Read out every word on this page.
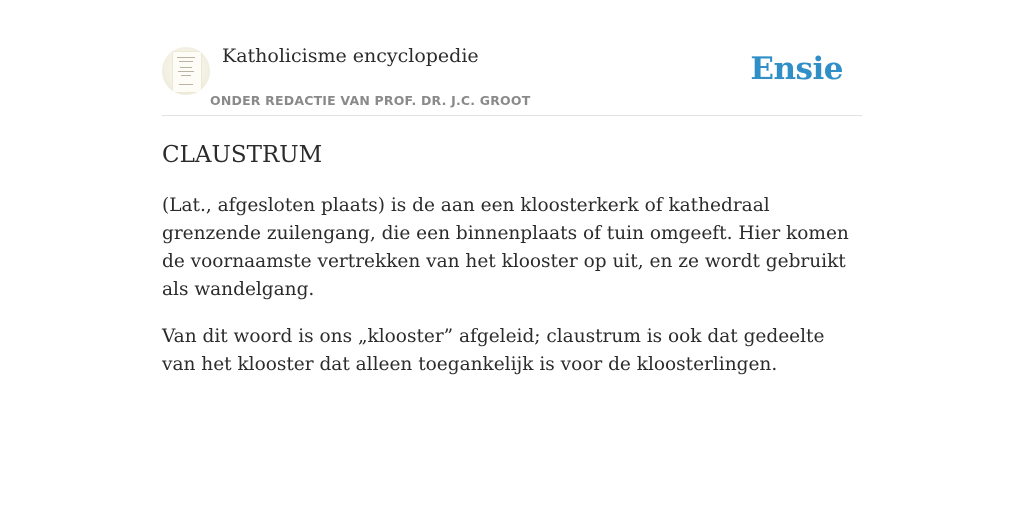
Katholicisme encyclopedie
ONDER REDACTIE VAN PROF. DR. J.C. GROOT
Ensie
CLAUSTRUM

(Lat., afgesloten plaats) is de aan een kloosterkerk of kathedraal grenzende zuilengang, die een binnenplaats of tuin omgeeft. Hier komen de voornaamste vertrekken van het klooster op uit, en ze wordt gebruikt als wandelgang.

Van dit woord is ons „klooster” afgeleid; claustrum is ook dat gedeelte van het klooster dat alleen toegankelijk is voor de kloosterlingen.
